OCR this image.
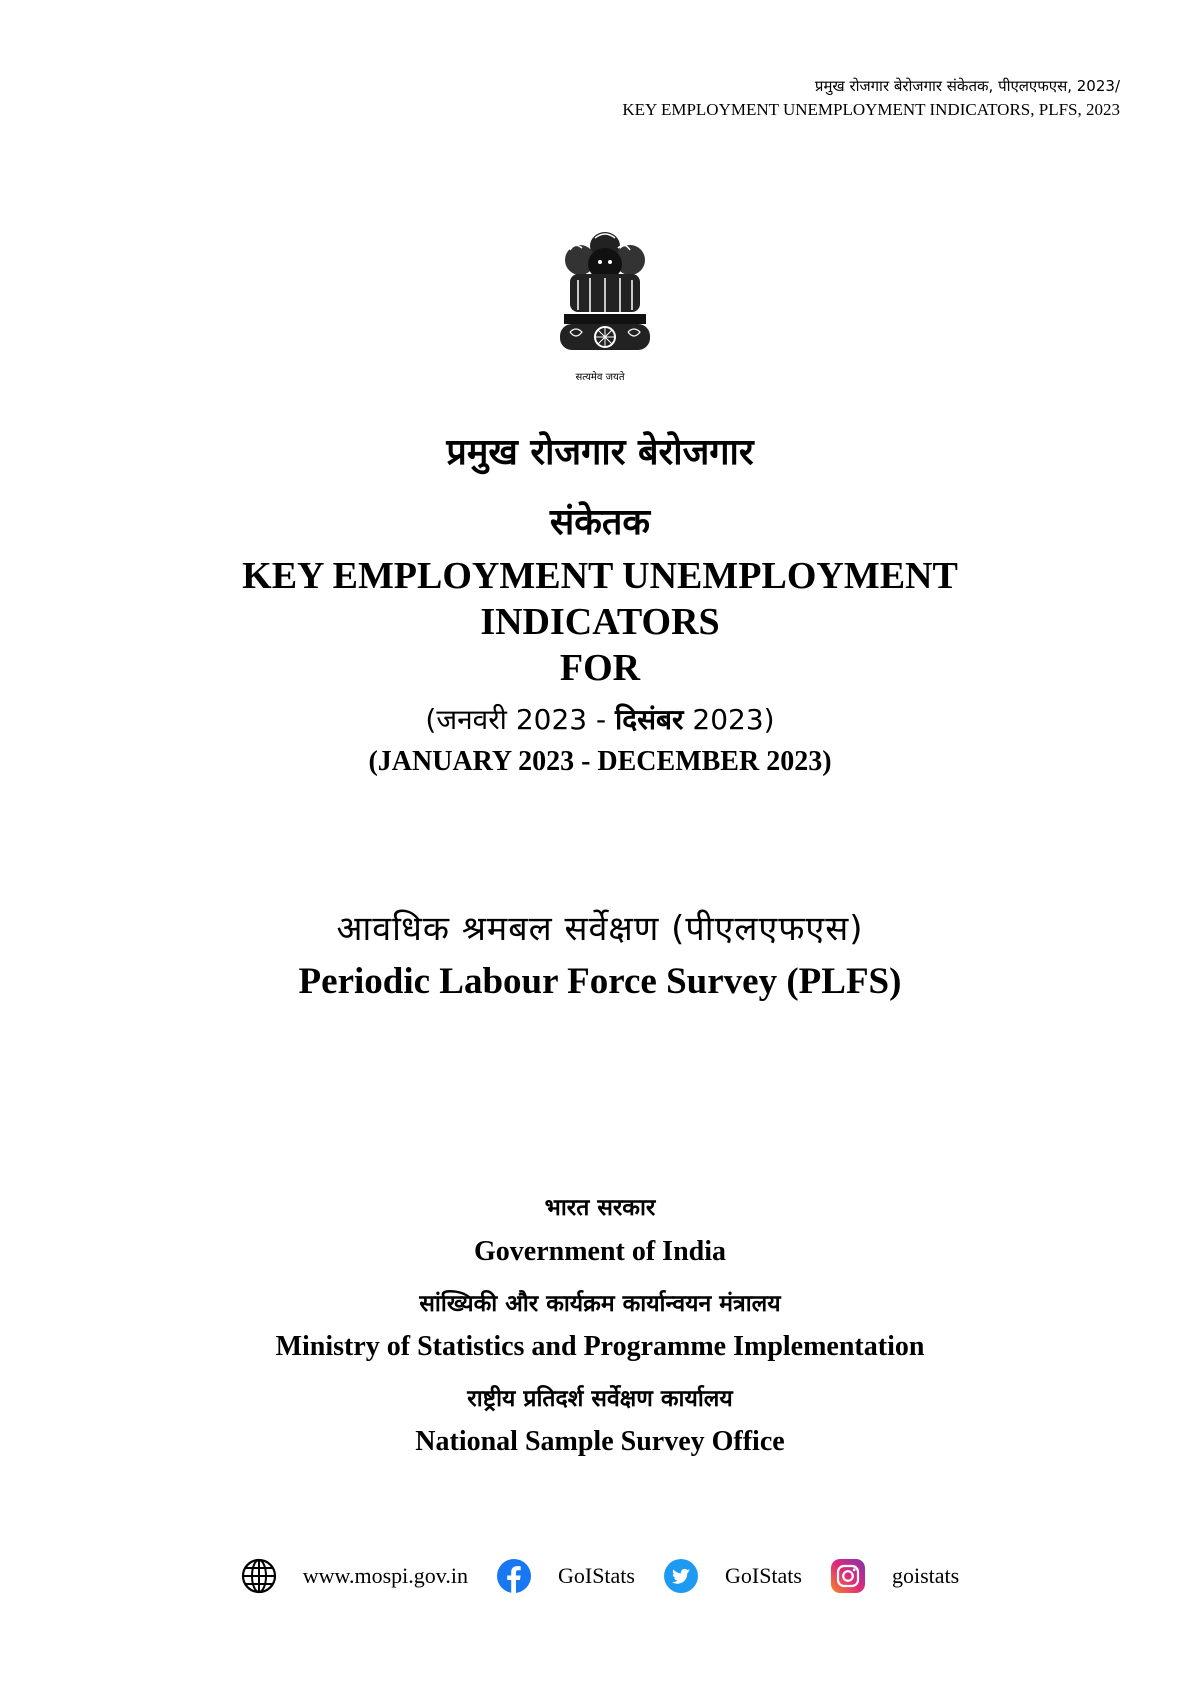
प्रमुख रोजगार बेरोजगार संकेतक, पीएलएफएस, 2023/
KEY EMPLOYMENT UNEMPLOYMENT INDICATORS, PLFS, 2023
सत्यमेव जयते
प्रमुख रोजगार बेरोजगार
संकेतक
KEY EMPLOYMENT UNEMPLOYMENT
INDICATORS
FOR
(जनवरी 2023 - दिसंबर 2023)
(JANUARY 2023 - DECEMBER 2023)
आवधिक श्रमबल सर्वेक्षण (पीएलएफएस)
Periodic Labour Force Survey (PLFS)
भारत सरकार
Government of India
सांख्यिकी और कार्यक्रम कार्यान्वयन मंत्रालय
Ministry of Statistics and Programme Implementation
राष्ट्रीय प्रतिदर्श सर्वेक्षण कार्यालय
National Sample Survey Office
www.mospi.gov.in	GoIStats	GoIStats	goistats
